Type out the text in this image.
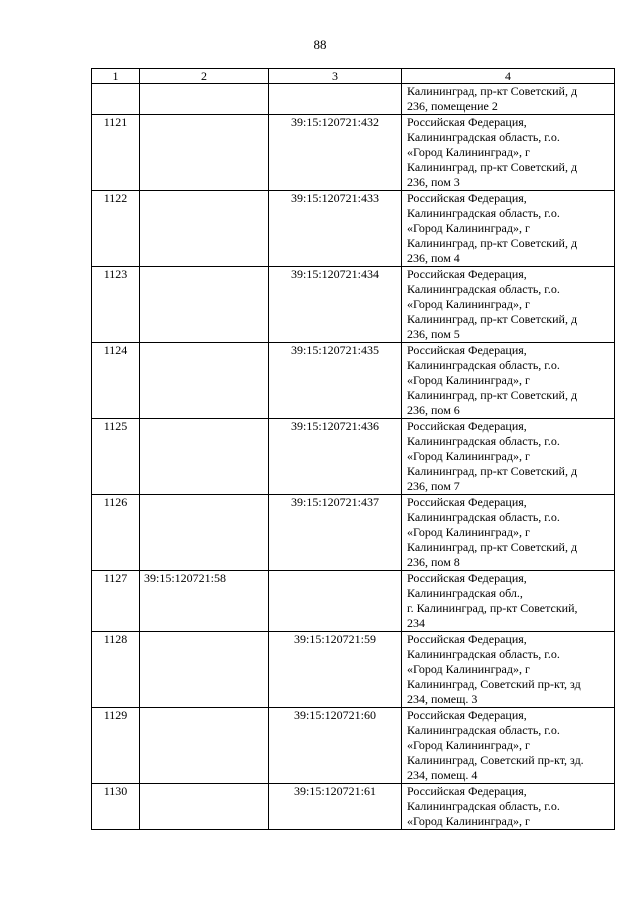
88
1	2	3	4

			Калининград, пр-кт Советский, д
236, помещение 2

1121		39:15:120721:432	Российская Федерация,
Калининградская область, г.о.
«Город Калининград», г
Калининград, пр-кт Советский, д
236, пом 3

1122		39:15:120721:433	Российская Федерация,
Калининградская область, г.о.
«Город Калининград», г
Калининград, пр-кт Советский, д
236, пом 4

1123		39:15:120721:434	Российская Федерация,
Калининградская область, г.о.
«Город Калининград», г
Калининград, пр-кт Советский, д
236, пом 5

1124		39:15:120721:435	Российская Федерация,
Калининградская область, г.о.
«Город Калининград», г
Калининград, пр-кт Советский, д
236, пом 6

1125		39:15:120721:436	Российская Федерация,
Калининградская область, г.о.
«Город Калининград», г
Калининград, пр-кт Советский, д
236, пом 7

1126		39:15:120721:437	Российская Федерация,
Калининградская область, г.о.
«Город Калининград», г
Калининград, пр-кт Советский, д
236, пом 8

1127	39:15:120721:58		Российская Федерация,
Калининградская обл.,
г. Калининград, пр-кт Советский,
234

1128		39:15:120721:59	Российская Федерация,
Калининградская область, г.о.
«Город Калининград», г
Калининград, Советский пр-кт, зд
234, помещ. 3

1129		39:15:120721:60	Российская Федерация,
Калининградская область, г.о.
«Город Калининград», г
Калининград, Советский пр-кт, зд.
234, помещ. 4

1130		39:15:120721:61	Российская Федерация,
Калининградская область, г.о.
«Город Калининград», г
